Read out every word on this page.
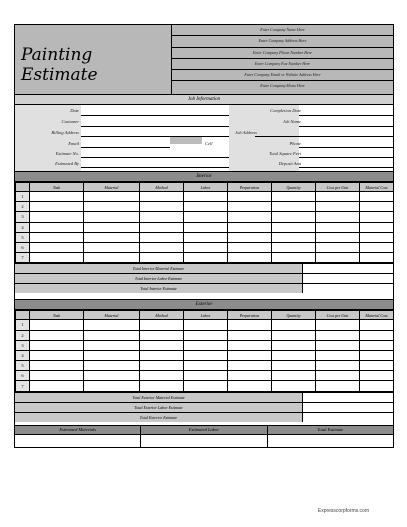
Painting Estimate
Enter Company Name Here
Enter Company Address Here
Enter Company Phone Number Here
Enter Company Fax Number Here
Enter Company Email or Website Address Here
Enter Company Motto Here
Job Information
Date
Customer
Billing Address
Email
Estimate No.
Estimated By
Cell
Completion Date
Job Name
Job Address
Phone
Total Square Feet
Deposit Amt
Interior
	Task	Material	Method	Labor	Preparation	Quantity	Cost per Unit	Material Cost
1								
2								
3								
4								
5								
6								
7								
Total Interior Material Estimate
Total Interior Labor Estimate
Total Interior Estimate
Exterior
	Task	Material	Method	Labor	Preparation	Quantity	Cost per Unit	Material Cost
1								
2								
3								
4								
5								
6								
7								
Total Exterior Material Estimate
Total Exterior Labor Estimate
Total Exterior Estimate
Estimated Materials	Estimated Labor	Total Estimate
Expresscorpforms.com
